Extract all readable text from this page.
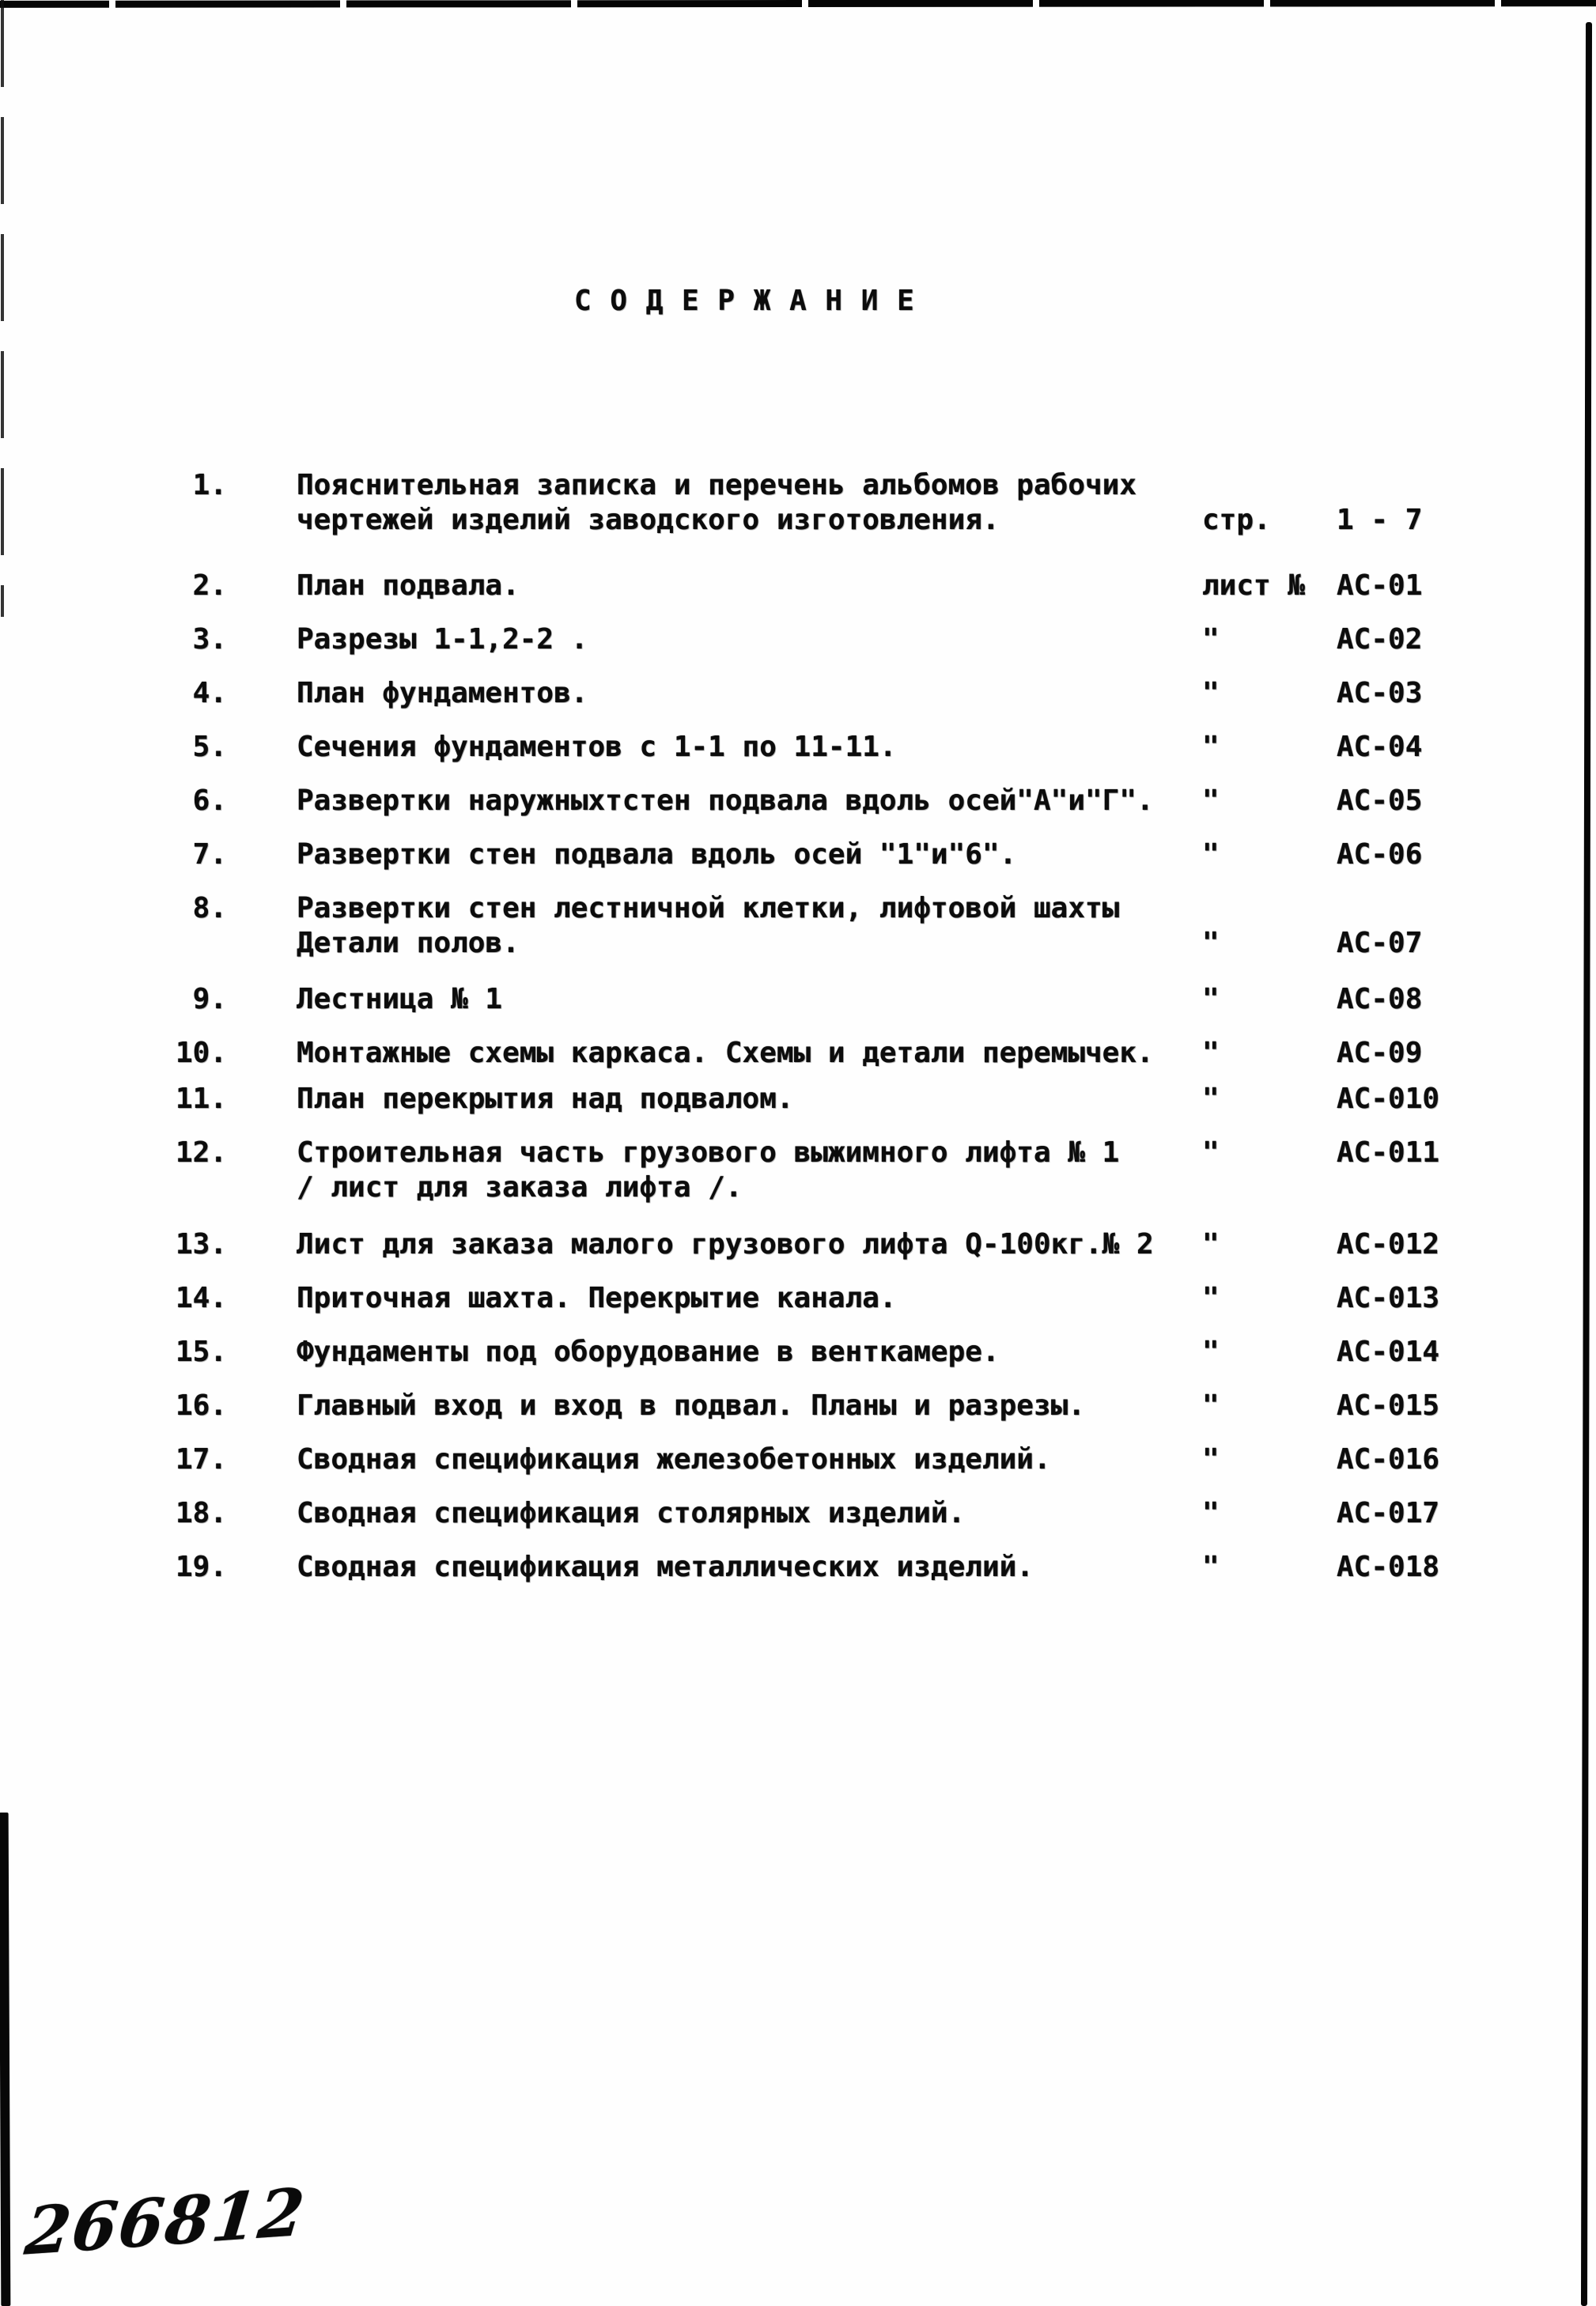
С О Д Е Р Ж А Н И Е
1. Пояснительная записка и перечень альбомов рабочих
чертежей изделий заводского изготовления.	стр.	1 - 7
2. План подвала.	лист №	АС-01
3. Разрезы 1-1,2-2 .	"	АС-02
4. План фундаментов.	"	АС-03
5. Сечения фундаментов с 1-1 по 11-11.	"	АС-04
6. Развертки наружныхтстен подвала вдоль осей"А"и"Г".	"	АС-05
7. Развертки стен подвала вдоль осей "1"и"6".	"	АС-06
8. Развертки стен лестничной клетки, лифтовой шахты
Детали полов.	"	АС-07
9. Лестница № 1	"	АС-08
10. Монтажные схемы каркаса. Схемы и детали перемычек.	"	АС-09
11. План перекрытия над подвалом.	"	АС-010
12. Строительная часть грузового выжимного лифта № 1
/ лист для заказа лифта /.
"	АС-011
13. Лист для заказа малого грузового лифта Q-100кг.№ 2	"	АС-012
14. Приточная шахта. Перекрытие канала.	"	АС-013
15. Фундаменты под оборудование в венткамере.	"	АС-014
16. Главный вход и вход в подвал. Планы и разрезы.	"	АС-015
17. Сводная спецификация железобетонных изделий.	"	АС-016
18. Сводная спецификация столярных изделий.	"	АС-017
19. Сводная спецификация металлических изделий.	"	АС-018
266812
